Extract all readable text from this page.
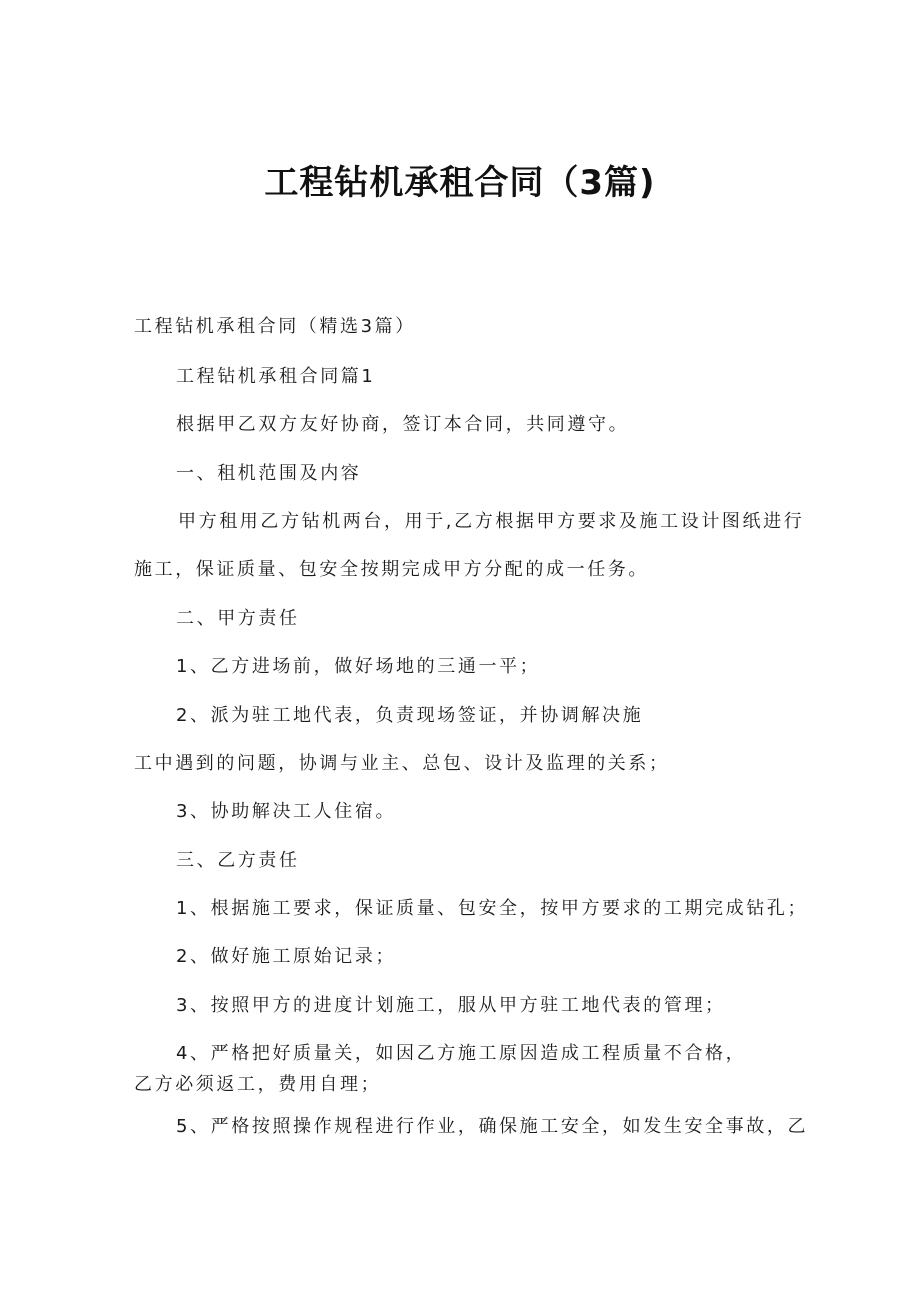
工程钻机承租合同（3篇)
工程钻机承租合同（精选3篇）
工程钻机承租合同篇1
根据甲乙双方友好协商，签订本合同，共同遵守。
一、租机范围及内容
甲方租用乙方钻机两台，用于,乙方根据甲方要求及施工设计图纸进行
施工，保证质量、包安全按期完成甲方分配的成一任务。
二、甲方责任
1、乙方进场前，做好场地的三通一平；
2、派为驻工地代表，负责现场签证，并协调解决施
工中遇到的问题，协调与业主、总包、设计及监理的关系；
3、协助解决工人住宿。
三、乙方责任
1、根据施工要求，保证质量、包安全，按甲方要求的工期完成钻孔；
2、做好施工原始记录；
3、按照甲方的进度计划施工，服从甲方驻工地代表的管理；
4、严格把好质量关，如因乙方施工原因造成工程质量不合格，
乙方必须返工，费用自理；
5、严格按照操作规程进行作业，确保施工安全，如发生安全事故，乙
